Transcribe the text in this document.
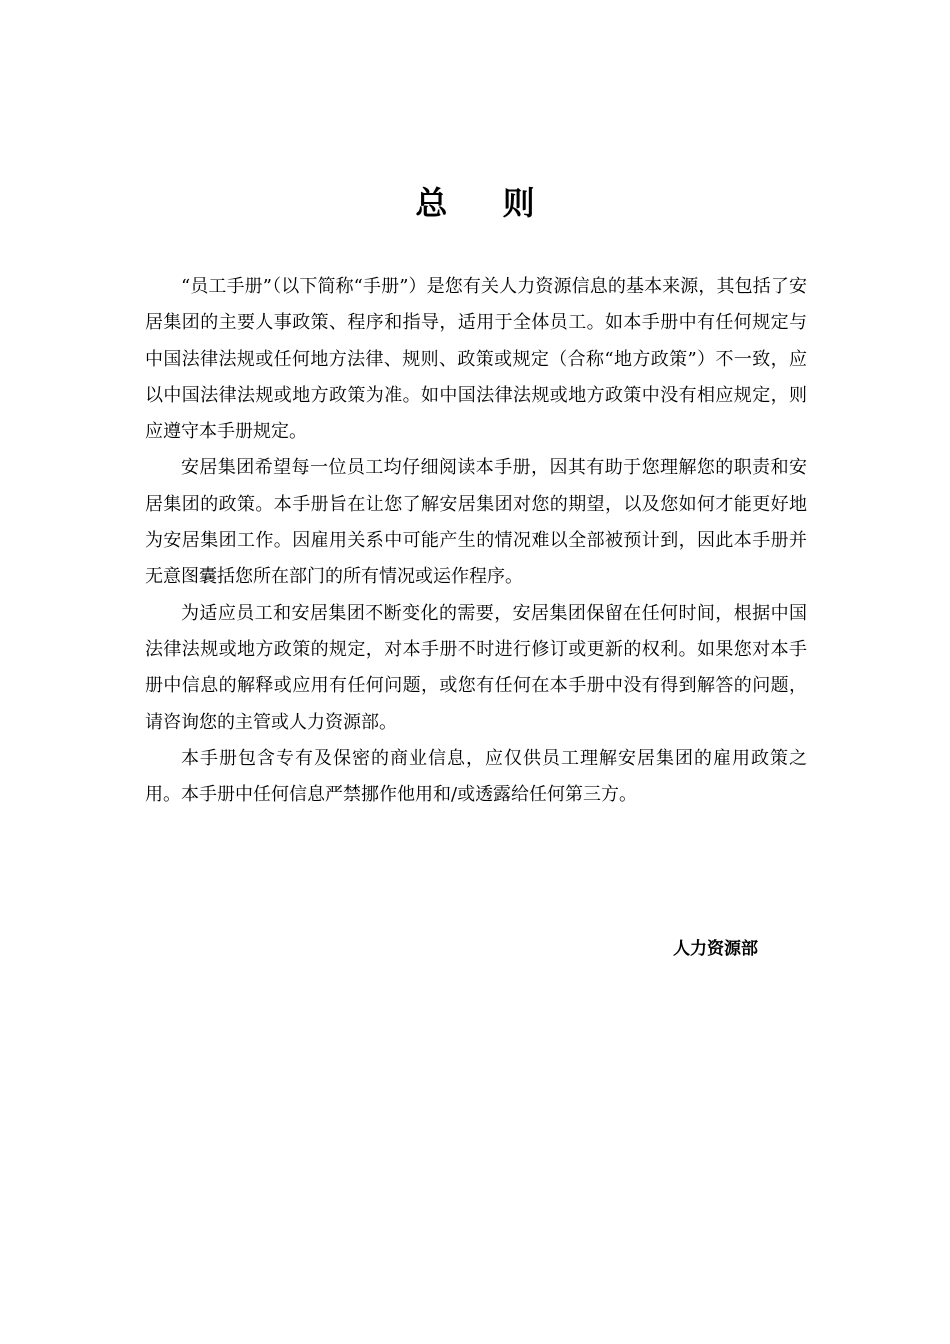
总 则

“员工手册”（以下简称“手册”）是您有关人力资源信息的基本来源，其包括了安居集团的主要人事政策、程序和指导，适用于全体员工。如本手册中有任何规定与中国法律法规或任何地方法律、规则、政策或规定（合称“地方政策”）不一致，应以中国法律法规或地方政策为准。如中国法律法规或地方政策中没有相应规定，则应遵守本手册规定。

安居集团希望每一位员工均仔细阅读本手册，因其有助于您理解您的职责和安居集团的政策。本手册旨在让您了解安居集团对您的期望，以及您如何才能更好地为安居集团工作。因雇用关系中可能产生的情况难以全部被预计到，因此本手册并无意图囊括您所在部门的所有情况或运作程序。

为适应员工和安居集团不断变化的需要，安居集团保留在任何时间，根据中国法律法规或地方政策的规定，对本手册不时进行修订或更新的权利。如果您对本手册中信息的解释或应用有任何问题，或您有任何在本手册中没有得到解答的问题，请咨询您的主管或人力资源部。

本手册包含专有及保密的商业信息，应仅供员工理解安居集团的雇用政策之用。本手册中任何信息严禁挪作他用和/或透露给任何第三方。

人力资源部
